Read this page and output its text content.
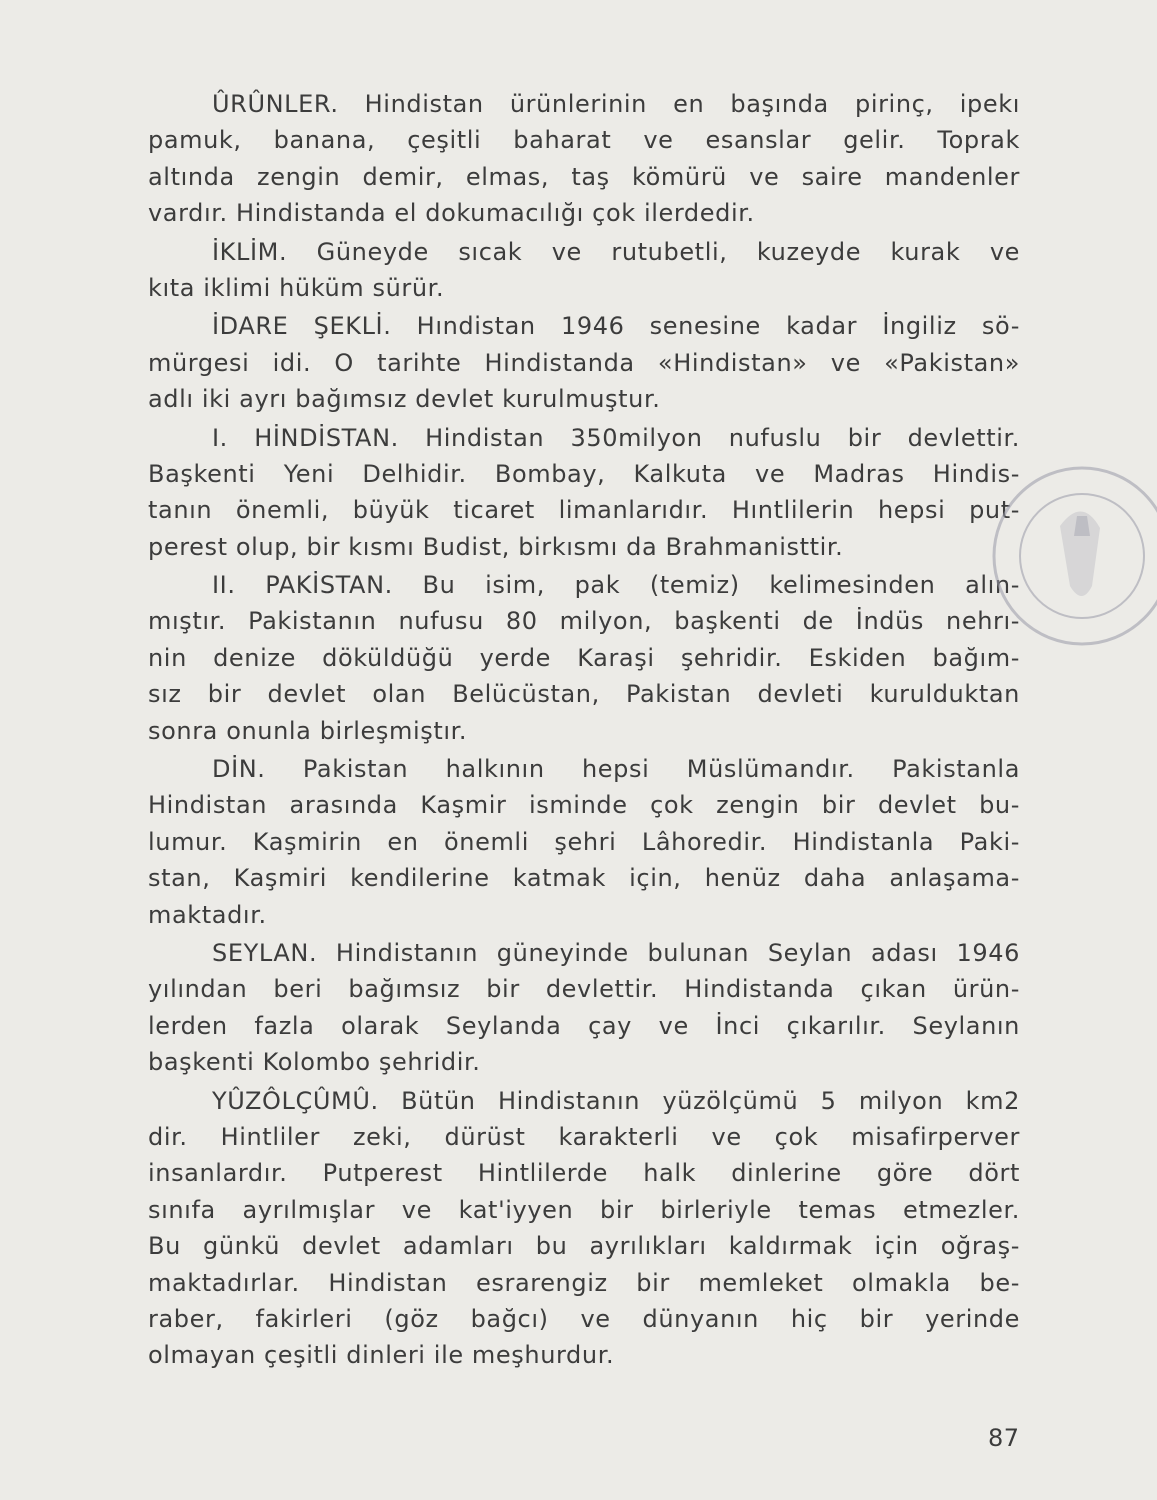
ÛRÛNLER. Hindistan ürünlerinin en başında pirinç, ipekı
pamuk, banana, çeşitli baharat ve esanslar gelir. Toprak
altında zengin demir, elmas, taş kömürü ve saire mandenler
vardır. Hindistanda el dokumacılığı çok ilerdedir.
İKLİM. Güneyde sıcak ve rutubetli, kuzeyde kurak ve
kıta iklimi hüküm sürür.
İDARE ŞEKLİ. Hındistan 1946 senesine kadar İngiliz sö-
mürgesi idi. O tarihte Hindistanda «Hindistan» ve «Pakistan»
adlı iki ayrı bağımsız devlet kurulmuştur.
I. HİNDİSTAN. Hindistan 350milyon nufuslu bir devlettir.
Başkenti Yeni Delhidir. Bombay, Kalkuta ve Madras Hindis-
tanın önemli, büyük ticaret limanlarıdır. Hıntlilerin hepsi put-
perest olup, bir kısmı Budist, birkısmı da Brahmanisttir.
II. PAKİSTAN. Bu isim, pak (temiz) kelimesinden alın-
mıştır. Pakistanın nufusu 80 milyon, başkenti de İndüs nehrı-
nin denize döküldüğü yerde Karaşi şehridir. Eskiden bağım-
sız bir devlet olan Belücüstan, Pakistan devleti kurulduktan
sonra onunla birleşmiştır.
DİN. Pakistan halkının hepsi Müslümandır. Pakistanla
Hindistan arasında Kaşmir isminde çok zengin bir devlet bu-
lumur. Kaşmirin en önemli şehri Lâhoredir. Hindistanla Paki-
stan, Kaşmiri kendilerine katmak için, henüz daha anlaşama-
maktadır.
SEYLAN. Hindistanın güneyinde bulunan Seylan adası 1946
yılından beri bağımsız bir devlettir. Hindistanda çıkan ürün-
lerden fazla olarak Seylanda çay ve İnci çıkarılır. Seylanın
başkenti Kolombo şehridir.
YÛZÔLÇÛMÛ. Bütün Hindistanın yüzölçümü 5 milyon km2
dir. Hintliler zeki, dürüst karakterli ve çok misafirperver
insanlardır. Putperest Hintlilerde halk dinlerine göre dört
sınıfa ayrılmışlar ve kat'iyyen bir birleriyle temas etmezler.
Bu günkü devlet adamları bu ayrılıkları kaldırmak için oğraş-
maktadırlar. Hindistan esrarengiz bir memleket olmakla be-
raber, fakirleri (göz bağcı) ve dünyanın hiç bir yerinde
olmayan çeşitli dinleri ile meşhurdur.
87
